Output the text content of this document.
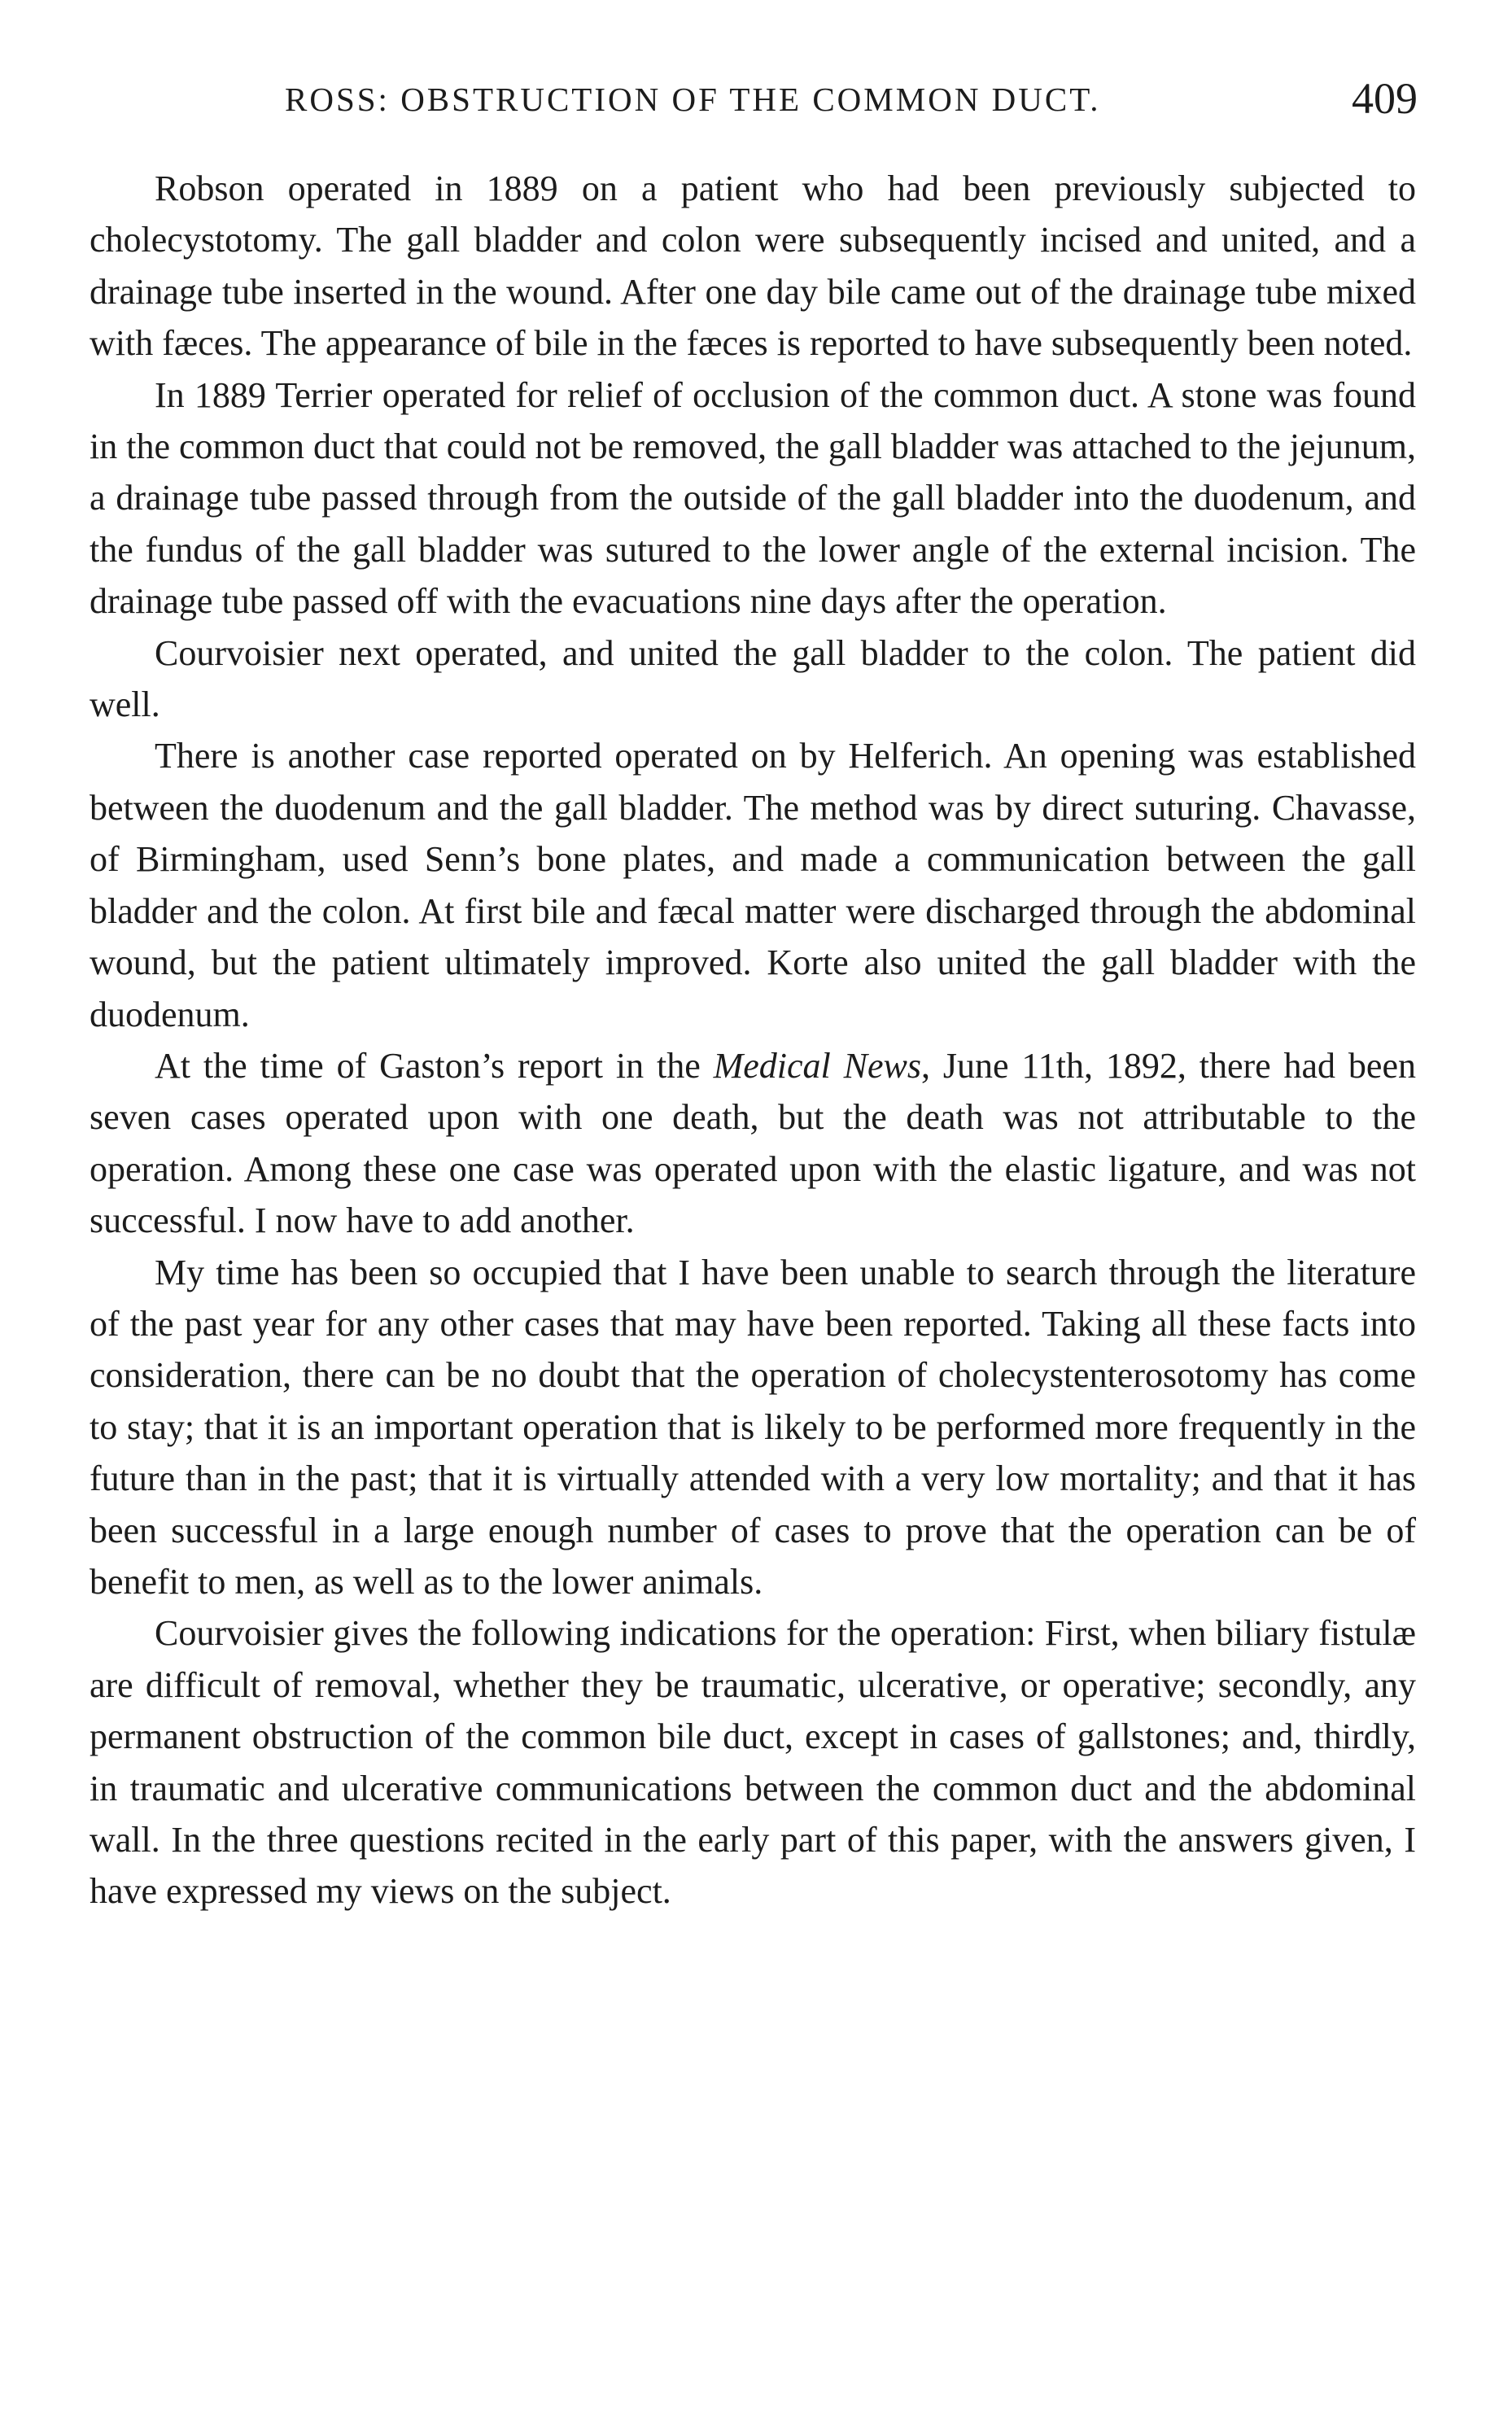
ROSS: OBSTRUCTION OF THE COMMON DUCT.	409

Robson operated in 1889 on a patient who had been previously subjected to cholecystotomy. The gall bladder and colon were subsequently incised and united, and a drainage tube inserted in the wound. After one day bile came out of the drainage tube mixed with fæces. The appearance of bile in the fæces is reported to have subsequently been noted.

In 1889 Terrier operated for relief of occlusion of the common duct. A stone was found in the common duct that could not be removed, the gall bladder was attached to the jejunum, a drainage tube passed through from the outside of the gall bladder into the duodenum, and the fundus of the gall bladder was sutured to the lower angle of the external incision. The drainage tube passed off with the evacuations nine days after the operation.

Courvoisier next operated, and united the gall bladder to the colon. The patient did well.

There is another case reported operated on by Helferich. An opening was established between the duodenum and the gall bladder. The method was by direct suturing. Chavasse, of Birmingham, used Senn’s bone plates, and made a communication between the gall bladder and the colon. At first bile and fæcal matter were discharged through the abdominal wound, but the patient ultimately improved. Korte also united the gall bladder with the duodenum.

At the time of Gaston’s report in the Medical News, June 11th, 1892, there had been seven cases operated upon with one death, but the death was not attributable to the operation. Among these one case was operated upon with the elastic ligature, and was not successful. I now have to add another.

My time has been so occupied that I have been unable to search through the literature of the past year for any other cases that may have been reported. Taking all these facts into consideration, there can be no doubt that the operation of cholecystenterosotomy has come to stay; that it is an important operation that is likely to be performed more frequently in the future than in the past; that it is virtually attended with a very low mortality; and that it has been successful in a large enough number of cases to prove that the operation can be of benefit to men, as well as to the lower animals.

Courvoisier gives the following indications for the operation: First, when biliary fistulæ are difficult of removal, whether they be traumatic, ulcerative, or operative; secondly, any permanent obstruction of the common bile duct, except in cases of gallstones; and, thirdly, in traumatic and ulcerative communications between the common duct and the abdominal wall. In the three questions recited in the early part of this paper, with the answers given, I have expressed my views on the subject.
